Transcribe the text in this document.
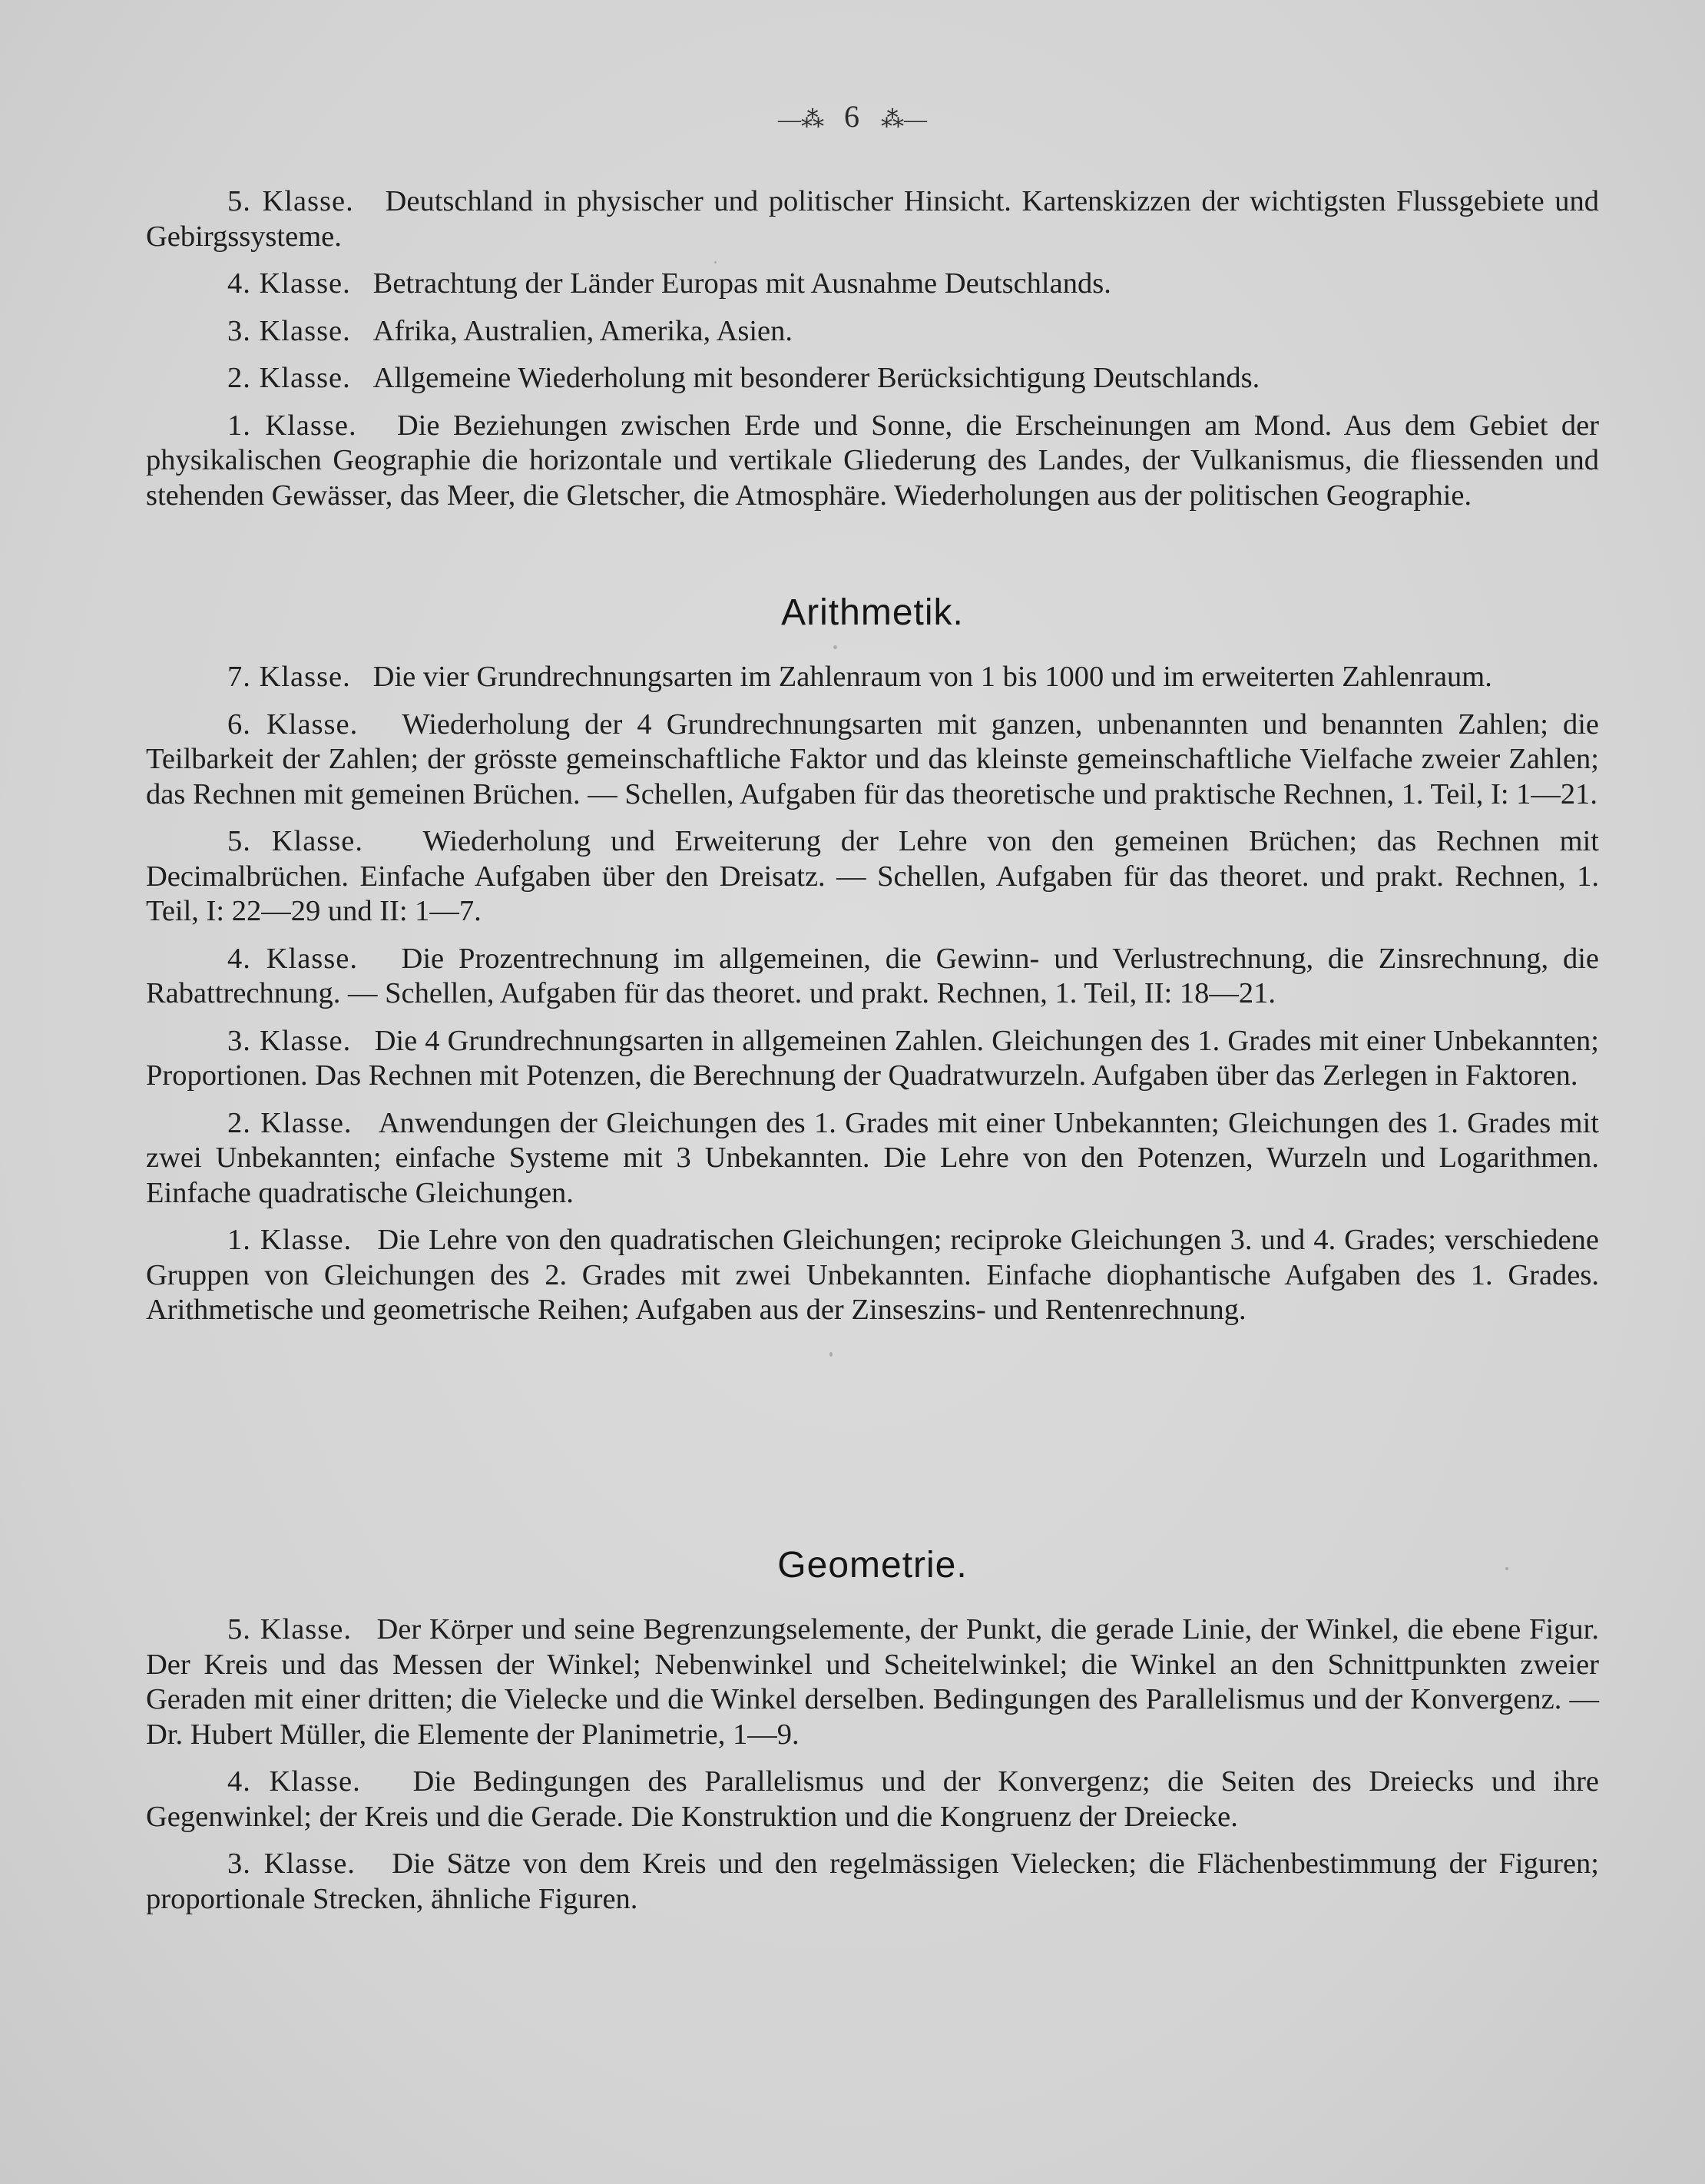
—⁂ 6 ⁂—

5. Klasse. Deutschland in physischer und politischer Hinsicht. Kartenskizzen der wichtigsten Flussgebiete und Gebirgssysteme.

4. Klasse. Betrachtung der Länder Europas mit Ausnahme Deutschlands.

3. Klasse. Afrika, Australien, Amerika, Asien.

2. Klasse. Allgemeine Wiederholung mit besonderer Berücksichtigung Deutschlands.

1. Klasse. Die Beziehungen zwischen Erde und Sonne, die Erscheinungen am Mond. Aus dem Gebiet der physikalischen Geographie die horizontale und vertikale Gliederung des Landes, der Vulkanismus, die fliessenden und stehenden Gewässer, das Meer, die Gletscher, die Atmosphäre. Wiederholungen aus der politischen Geographie.

Arithmetik.

7. Klasse. Die vier Grundrechnungsarten im Zahlenraum von 1 bis 1000 und im erweiterten Zahlenraum.

6. Klasse. Wiederholung der 4 Grundrechnungsarten mit ganzen, unbenannten und benannten Zahlen; die Teilbarkeit der Zahlen; der grösste gemeinschaftliche Faktor und das kleinste gemeinschaftliche Vielfache zweier Zahlen; das Rechnen mit gemeinen Brüchen. — Schellen, Aufgaben für das theoretische und praktische Rechnen, 1. Teil, I: 1—21.

5. Klasse. Wiederholung und Erweiterung der Lehre von den gemeinen Brüchen; das Rechnen mit Decimalbrüchen. Einfache Aufgaben über den Dreisatz. — Schellen, Aufgaben für das theoret. und prakt. Rechnen, 1. Teil, I: 22—29 und II: 1—7.

4. Klasse. Die Prozentrechnung im allgemeinen, die Gewinn- und Verlustrechnung, die Zinsrechnung, die Rabattrechnung. — Schellen, Aufgaben für das theoret. und prakt. Rechnen, 1. Teil, II: 18—21.

3. Klasse. Die 4 Grundrechnungsarten in allgemeinen Zahlen. Gleichungen des 1. Grades mit einer Unbekannten; Proportionen. Das Rechnen mit Potenzen, die Berechnung der Quadratwurzeln. Aufgaben über das Zerlegen in Faktoren.

2. Klasse. Anwendungen der Gleichungen des 1. Grades mit einer Unbekannten; Gleichungen des 1. Grades mit zwei Unbekannten; einfache Systeme mit 3 Unbekannten. Die Lehre von den Potenzen, Wurzeln und Logarithmen. Einfache quadratische Gleichungen.

1. Klasse. Die Lehre von den quadratischen Gleichungen; reciproke Gleichungen 3. und 4. Grades; verschiedene Gruppen von Gleichungen des 2. Grades mit zwei Unbekannten. Einfache diophantische Aufgaben des 1. Grades. Arithmetische und geometrische Reihen; Aufgaben aus der Zinseszins- und Rentenrechnung.

Geometrie.

5. Klasse. Der Körper und seine Begrenzungselemente, der Punkt, die gerade Linie, der Winkel, die ebene Figur. Der Kreis und das Messen der Winkel; Nebenwinkel und Scheitelwinkel; die Winkel an den Schnittpunkten zweier Geraden mit einer dritten; die Vielecke und die Winkel derselben. Bedingungen des Parallelismus und der Konvergenz. — Dr. Hubert Müller, die Elemente der Planimetrie, 1—9.

4. Klasse. Die Bedingungen des Parallelismus und der Konvergenz; die Seiten des Dreiecks und ihre Gegenwinkel; der Kreis und die Gerade. Die Konstruktion und die Kongruenz der Dreiecke.

3. Klasse. Die Sätze von dem Kreis und den regelmässigen Vielecken; die Flächenbestimmung der Figuren; proportionale Strecken, ähnliche Figuren.
